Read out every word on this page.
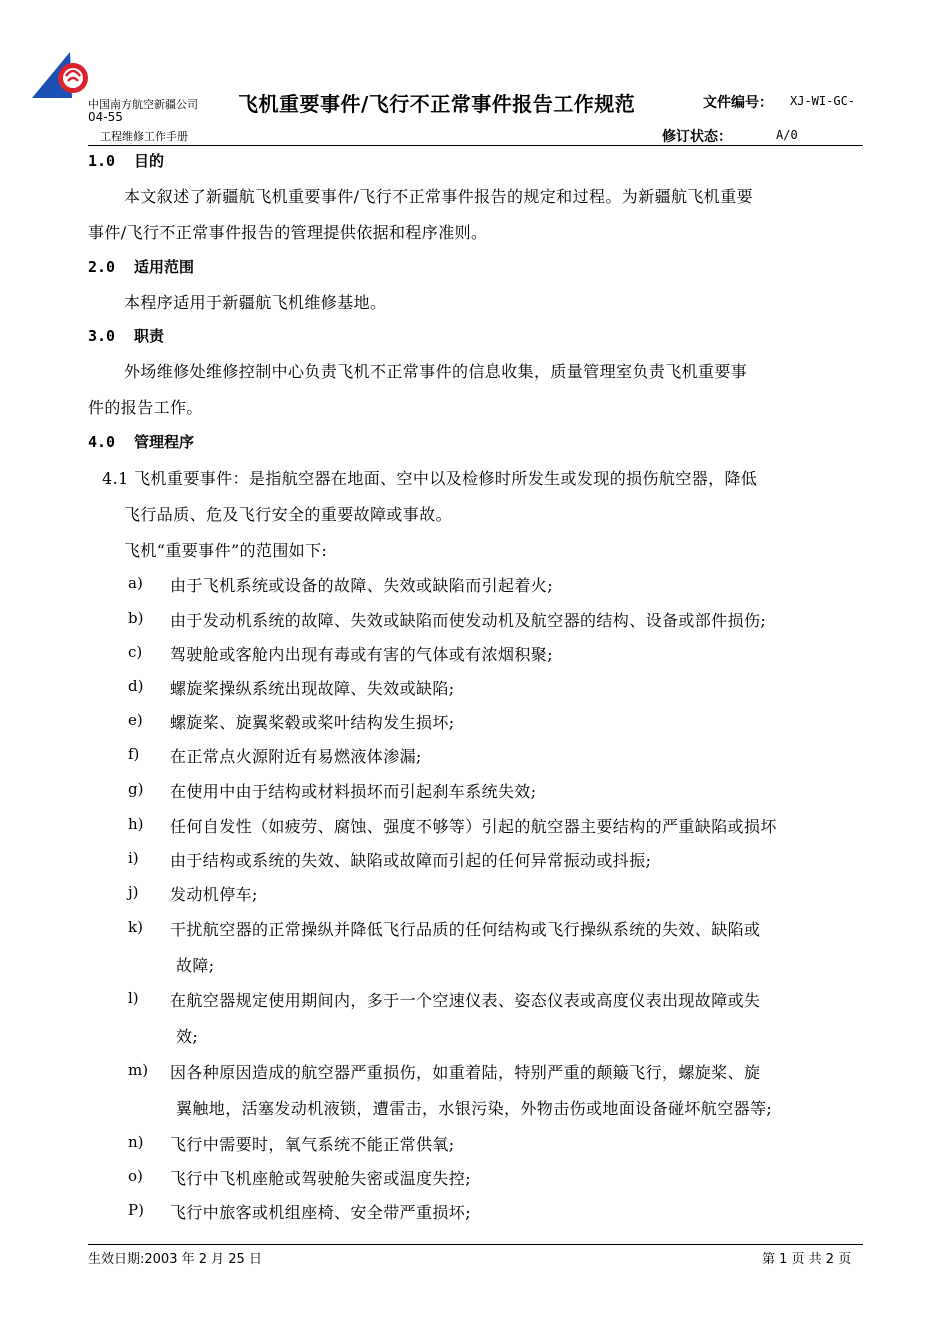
中国南方航空新疆公司
04-55
工程维修工作手册
飞机重要事件/飞行不正常事件报告工作规范	文件编号： XJ-WI-GC-
修订状态：	A/0
1.0 目的
本文叙述了新疆航飞机重要事件/飞行不正常事件报告的规定和过程。为新疆航飞机重要
事件/飞行不正常事件报告的管理提供依据和程序准则。
2.0 适用范围
本程序适用于新疆航飞机维修基地。
3.0 职责
外场维修处维修控制中心负责飞机不正常事件的信息收集，质量管理室负责飞机重要事
件的报告工作。
4.0 管理程序
4.1 飞机重要事件：是指航空器在地面、空中以及检修时所发生或发现的损伤航空器，降低
飞行品质、危及飞行安全的重要故障或事故。
飞机“重要事件”的范围如下:
a) 由于飞机系统或设备的故障、失效或缺陷而引起着火;
b) 由于发动机系统的故障、失效或缺陷而使发动机及航空器的结构、设备或部件损伤;
c) 驾驶舱或客舱内出现有毒或有害的气体或有浓烟积聚;
d) 螺旋桨操纵系统出现故障、失效或缺陷;
e) 螺旋桨、旋翼桨毂或桨叶结构发生损坏;
f) 在正常点火源附近有易燃液体渗漏;
g) 在使用中由于结构或材料损坏而引起刹车系统失效;
h) 任何自发性（如疲劳、腐蚀、强度不够等）引起的航空器主要结构的严重缺陷或损坏
i) 由于结构或系统的失效、缺陷或故障而引起的任何异常振动或抖振;
j) 发动机停车;
k) 干扰航空器的正常操纵并降低飞行品质的任何结构或飞行操纵系统的失效、缺陷或
故障;
l) 在航空器规定使用期间内，多于一个空速仪表、姿态仪表或高度仪表出现故障或失
效;
m) 因各种原因造成的航空器严重损伤，如重着陆，特别严重的颠簸飞行，螺旋桨、旋
翼触地，活塞发动机液锁，遭雷击，水银污染，外物击伤或地面设备碰坏航空器等;
n) 飞行中需要时，氧气系统不能正常供氧;
o) 飞行中飞机座舱或驾驶舱失密或温度失控;
P) 飞行中旅客或机组座椅、安全带严重损坏;
生效日期:2003 年 2 月 25 日	第 1 页 共 2 页
